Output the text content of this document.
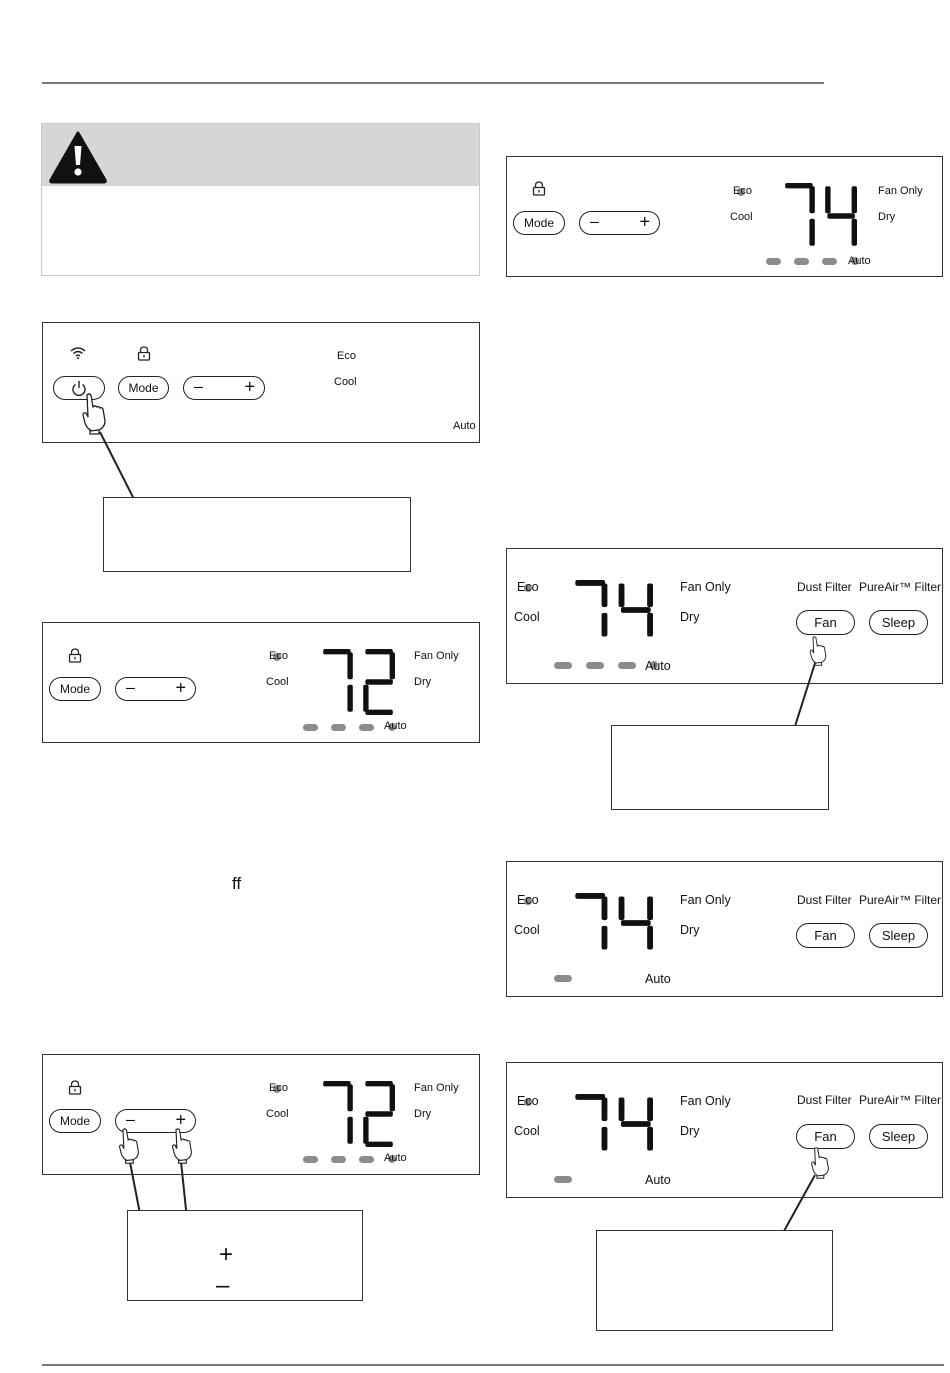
Mode	– +
Eco
Cool
Auto
Mode	– +
Eco
Cool
Fan Only
Dry
Auto
ff
Mode	– +
Eco
Cool
Fan Only
Dry
Auto
+
–
Mode	– +
Eco
Cool
Fan Only
Dry
Auto
Eco
Cool
Fan Only
Dry
Auto
Dust Filter PureAir™ Filter
Fan	Sleep
Eco
Cool
Fan Only
Dry
Auto
Dust Filter PureAir™ Filter
Fan	Sleep
Eco
Cool
Fan Only
Dry
Auto
Dust Filter PureAir™ Filter
Fan	Sleep
